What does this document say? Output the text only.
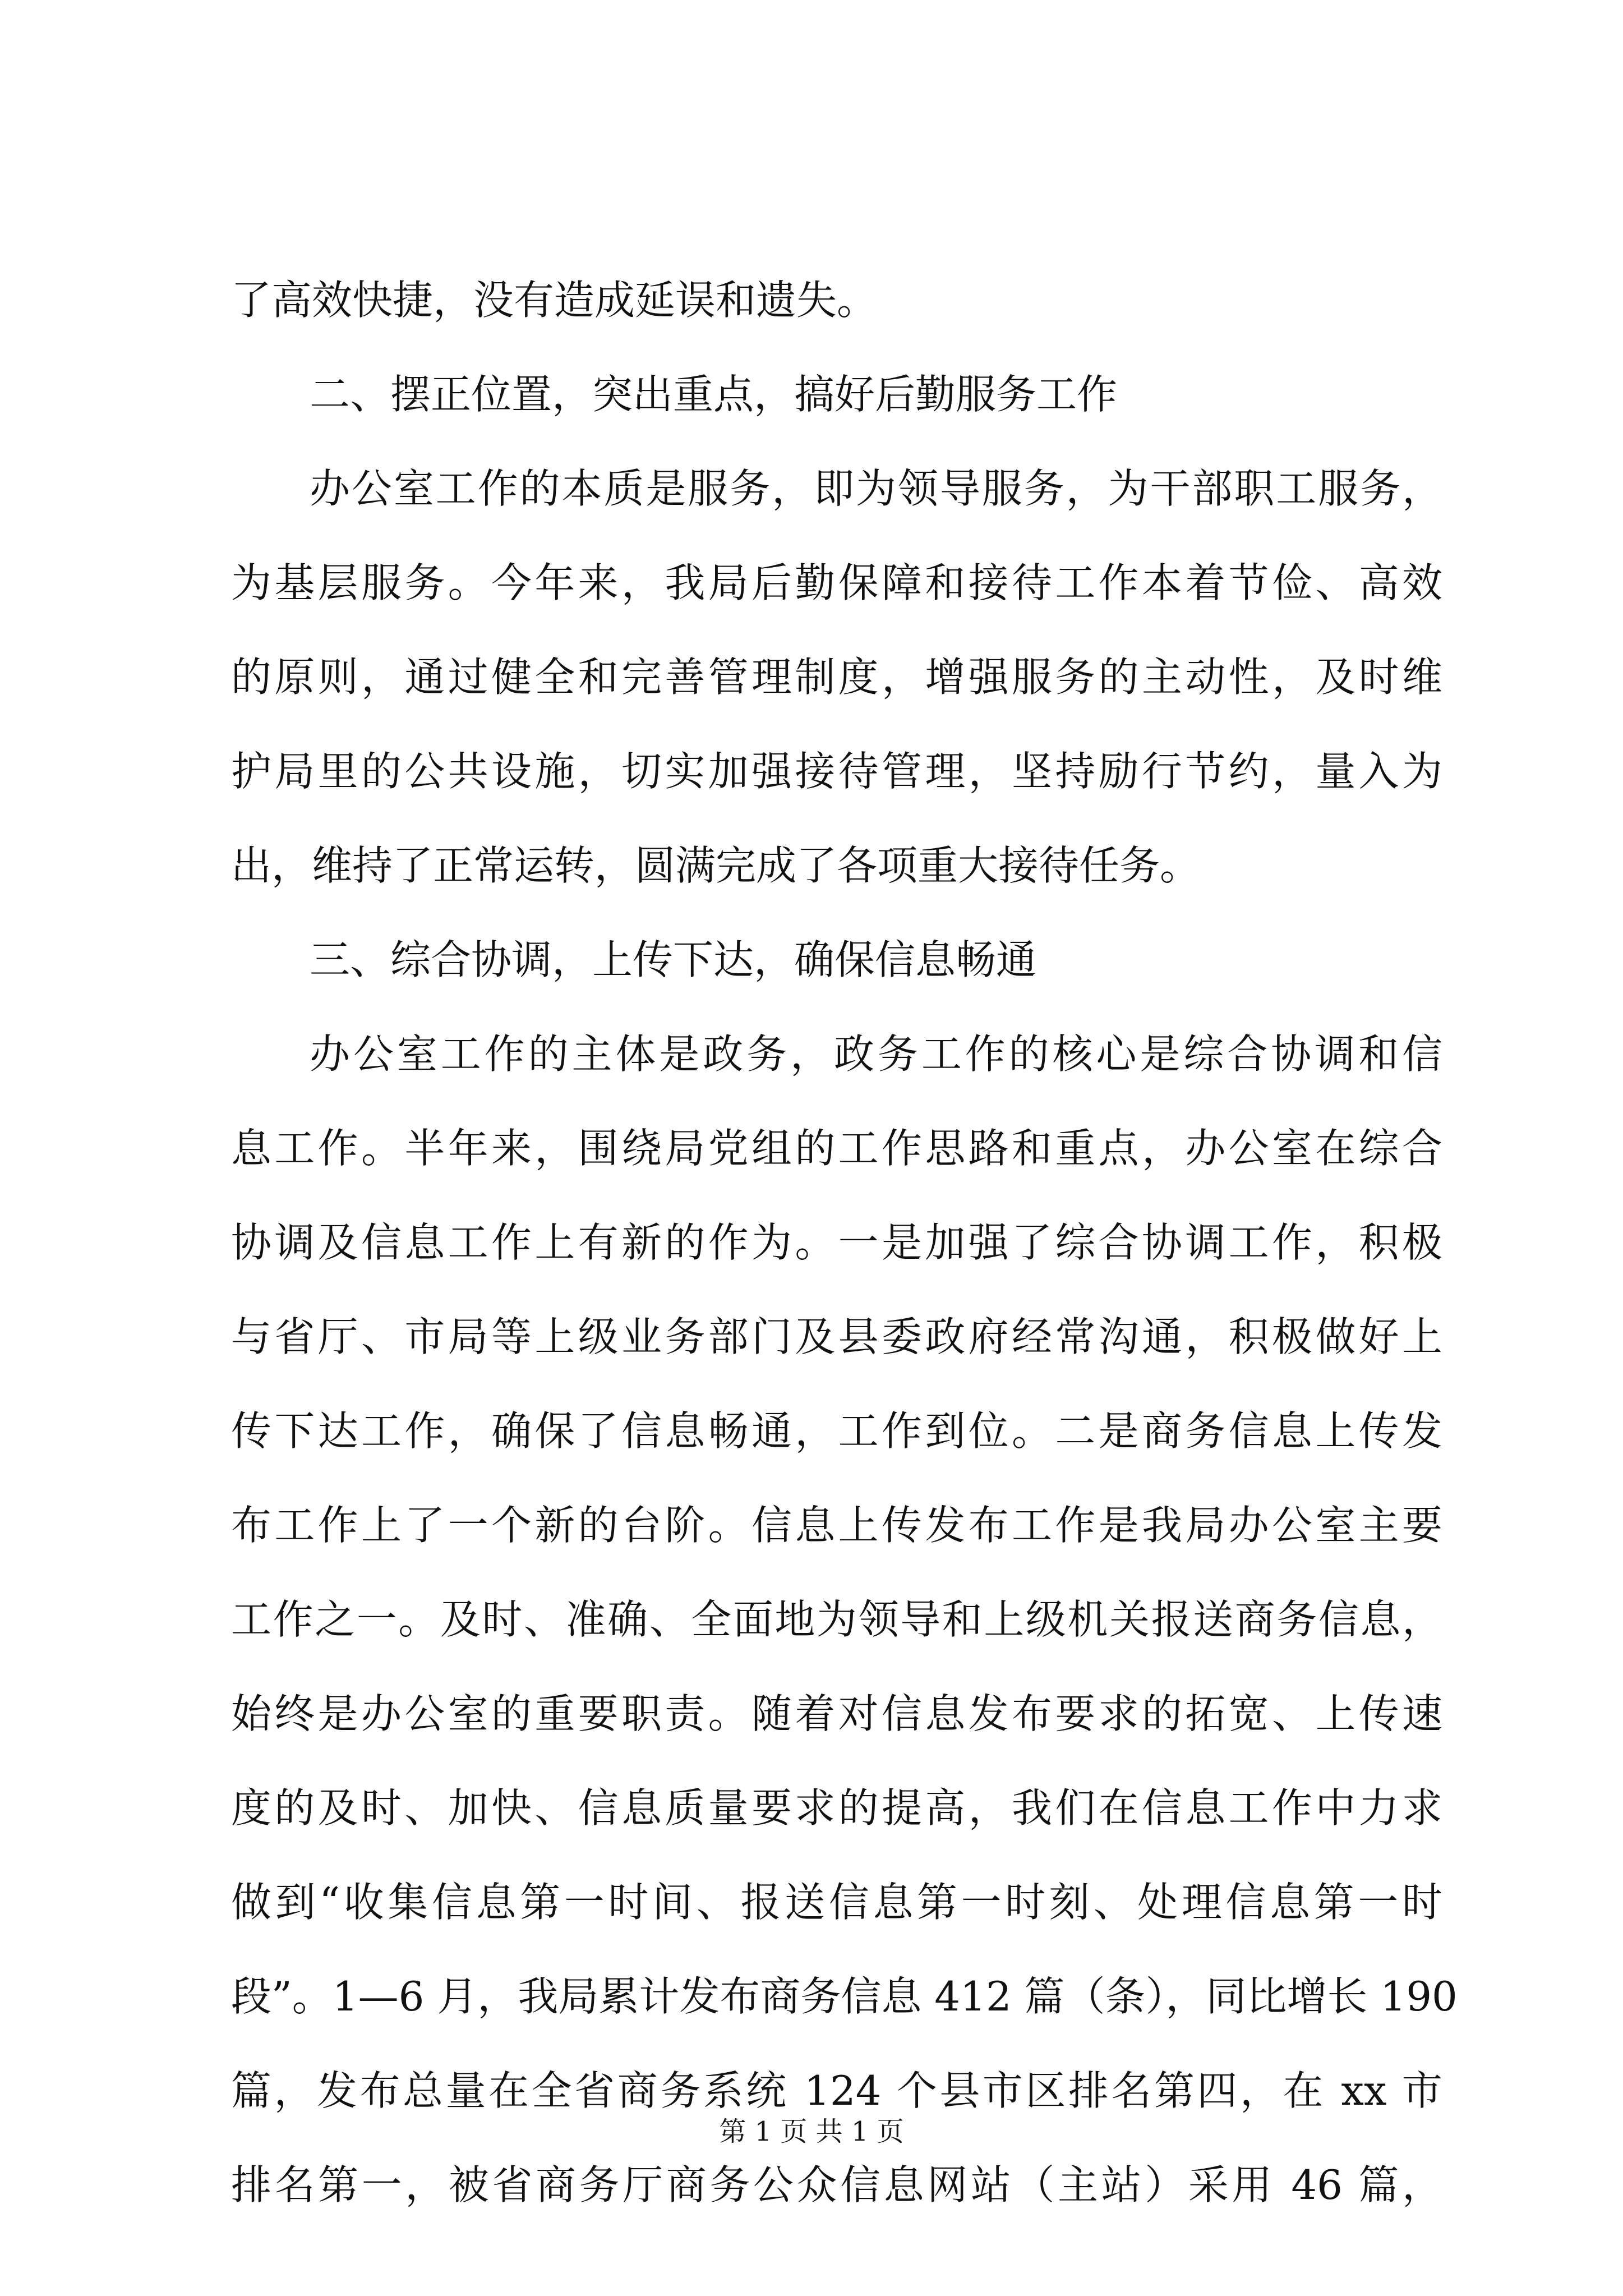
了高效快捷，没有造成延误和遗失。
二、摆正位置，突出重点，搞好后勤服务工作
办公室工作的本质是服务，即为领导服务，为干部职工服务，
为基层服务。今年来，我局后勤保障和接待工作本着节俭、高效
的原则，通过健全和完善管理制度，增强服务的主动性，及时维
护局里的公共设施，切实加强接待管理，坚持励行节约，量入为
出，维持了正常运转，圆满完成了各项重大接待任务。
三、综合协调，上传下达，确保信息畅通
办公室工作的主体是政务，政务工作的核心是综合协调和信
息工作。半年来，围绕局党组的工作思路和重点，办公室在综合
协调及信息工作上有新的作为。一是加强了综合协调工作，积极
与省厅、市局等上级业务部门及县委政府经常沟通，积极做好上
传下达工作，确保了信息畅通，工作到位。二是商务信息上传发
布工作上了一个新的台阶。信息上传发布工作是我局办公室主要
工作之一。及时、准确、全面地为领导和上级机关报送商务信息，
始终是办公室的重要职责。随着对信息发布要求的拓宽、上传速
度的及时、加快、信息质量要求的提高，我们在信息工作中力求
做到“收集信息第一时间、报送信息第一时刻、处理信息第一时
段”。1—6 月，我局累计发布商务信息 412 篇（条），同比增长 190
篇，发布总量在全省商务系统 124 个县市区排名第四，在 xx 市
排名第一，被省商务厅商务公众信息网站（主站）采用 46 篇，
第 1 页 共 1 页
